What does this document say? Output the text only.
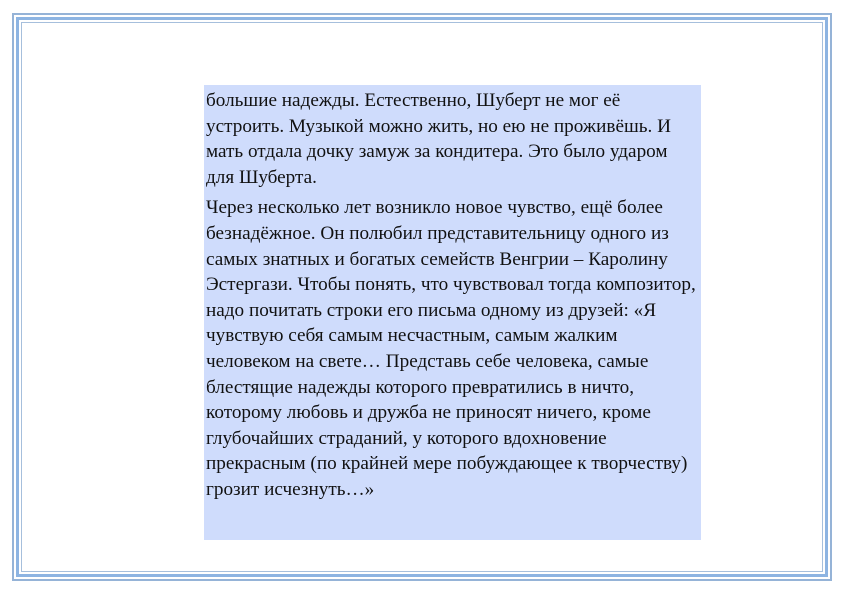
большие надежды. Естественно, Шуберт не мог её устроить. Музыкой можно жить, но ею не проживёшь. И мать отдала дочку замуж за кондитера. Это было ударом для Шуберта.

Через несколько лет возникло новое чувство, ещё более безнадёжное. Он полюбил представительницу одного из самых знатных и богатых семейств Венгрии – Каролину Эстергази. Чтобы понять, что чувствовал тогда композитор, надо почитать строки его письма одному из друзей: «Я чувствую себя самым несчастным, самым жалким человеком на свете… Представь себе человека, самые блестящие надежды которого превратились в ничто, которому любовь и дружба не приносят ничего, кроме глубочайших страданий, у которого вдохновение прекрасным (по крайней мере побуждающее к творчеству) грозит исчезнуть…»
